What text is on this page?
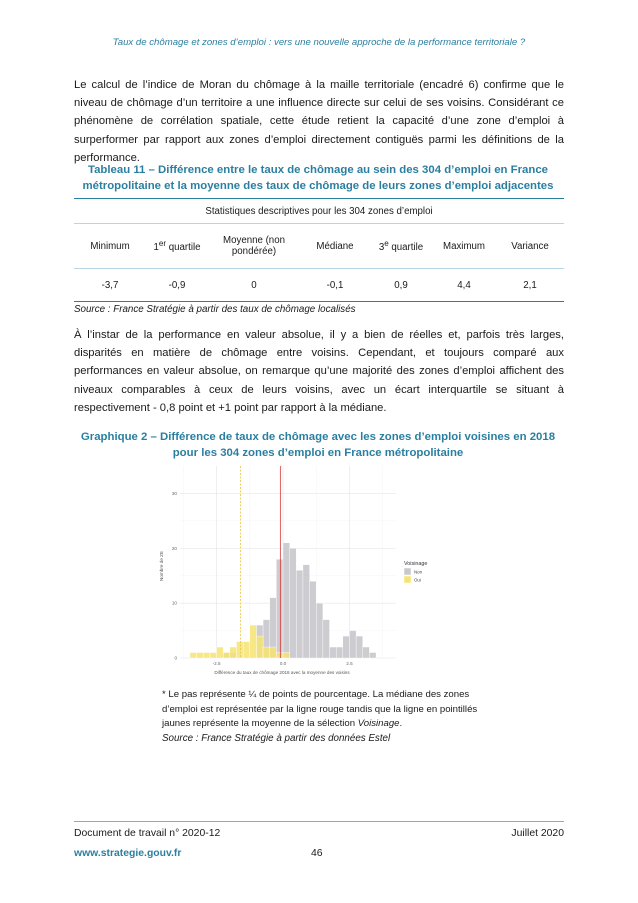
Taux de chômage et zones d’emploi : vers une nouvelle approche de la performance territoriale ?

Le calcul de l’indice de Moran du chômage à la maille territoriale (encadré 6) confirme que le niveau de chômage d’un territoire a une influence directe sur celui de ses voisins. Considérant ce phénomène de corrélation spatiale, cette étude retient la capacité d’une zone d’emploi à surperformer par rapport aux zones d’emploi directement contiguës parmi les définitions de la performance.

Tableau 11 – Différence entre le taux de chômage au sein des 304 d’emploi en France
métropolitaine et la moyenne des taux de chômage de leurs zones d’emploi adjacentes
Statistiques descriptives pour les 304 zones d’emploi						
Minimum	1er quartile	Moyenne (non pondérée)	Médiane	3e quartile	Maximum	Variance
-3,7	-0,9	0	-0,1	0,9	4,4	2,1
Source : France Stratégie à partir des taux de chômage localisés

À l’instar de la performance en valeur absolue, il y a bien de réelles et, parfois très larges, disparités en matière de chômage entre voisins. Cependant, et toujours comparé aux performances en valeur absolue, on remarque qu’une majorité des zones d’emploi affichent des niveaux comparables à ceux de leurs voisins, avec un écart interquartile se situant à respectivement - 0,8 point et +1 point par rapport à la médiane.

Graphique 2 – Différence de taux de chômage avec les zones d’emploi voisines en 2018
pour les 304 zones d’emploi en France métropolitaine
0
10
20
30
-2.5	0.0	2.5
Nombre de ZE
Différence du taux de chômage 2018 avec la moyenne des voisins
Voisinage
Non
Oui

* Le pas représente ¼ de points de pourcentage. La médiane des zones d’emploi est représentée par la ligne rouge tandis que la ligne en pointillés jaunes représente la moyenne de la sélection Voisinage.

Source : France Stratégie à partir des données Estel
Document de travail n° 2020-12	Juillet 2020
www.strategie.gouv.fr	46
